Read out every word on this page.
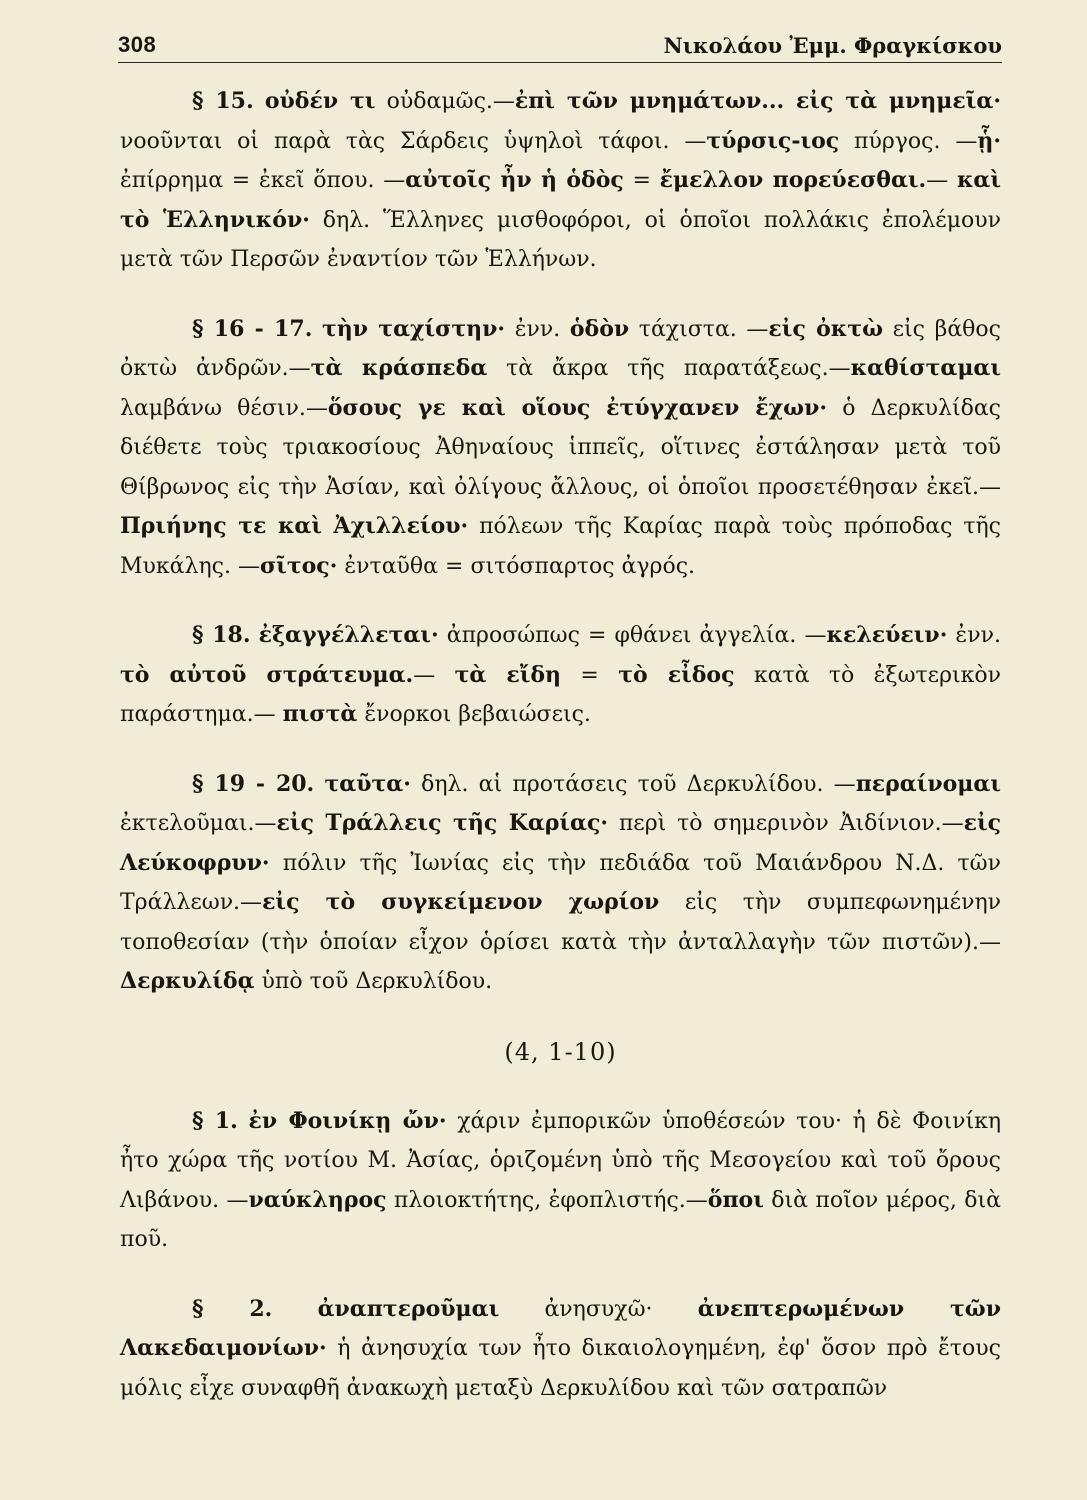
308	Νικολάου Ἐμμ. Φραγκίσκου

§ 15. οὐδέν τι οὐδαμῶς.—ἐπὶ τῶν μνημάτων... εἰς τὰ μνημεῖα· νοοῦνται οἱ παρὰ τὰς Σάρδεις ὑψηλοὶ τάφοι. —τύρσις-ιος πύργος. —ᾗ· ἐπίρρημα = ἐκεῖ ὅπου. —αὐτοῖς ἦν ἡ ὁδὸς = ἔμελλον πορεύεσθαι.— καὶ τὸ Ἑλληνικόν· δηλ. Ἕλληνες μισθοφόροι, οἱ ὁποῖοι πολλάκις ἐπολέμουν μετὰ τῶν Περσῶν ἐναντίον τῶν Ἑλλήνων.

§ 16 - 17. τὴν ταχίστην· ἐνν. ὁδὸν τάχιστα. —εἰς ὀκτὼ εἰς βάθος ὀκτὼ ἀνδρῶν.—τὰ κράσπεδα τὰ ἄκρα τῆς παρατάξεως.—καθίσταμαι λαμβάνω θέσιν.—ὅσους γε καὶ οἵους ἐτύγχανεν ἔχων· ὁ Δερκυλίδας διέθετε τοὺς τριακοσίους Ἀθηναίους ἱππεῖς, οἵτινες ἐστάλησαν μετὰ τοῦ Θίβρωνος εἰς τὴν Ἀσίαν, καὶ ὀλίγους ἄλλους, οἱ ὁποῖοι προσετέθησαν ἐκεῖ.—Πριήνης τε καὶ Ἀχιλλείου· πόλεων τῆς Καρίας παρὰ τοὺς πρόποδας τῆς Μυκάλης. —σῖτος· ἐνταῦθα = σιτόσπαρτος ἀγρός.

§ 18. ἐξαγγέλλεται· ἀπροσώπως = φθάνει ἀγγελία. —κελεύειν· ἐνν. τὸ αὐτοῦ στράτευμα.— τὰ εἴδη = τὸ εἶδος κατὰ τὸ ἐξωτερικὸν παράστημα.— πιστὰ ἔνορκοι βεβαιώσεις.

§ 19 - 20. ταῦτα· δηλ. αἱ προτάσεις τοῦ Δερκυλίδου. —περαίνομαι ἐκτελοῦμαι.—εἰς Τράλλεις τῆς Καρίας· περὶ τὸ σημερινὸν Ἀιδίνιον.—εἰς Λεύκοφρυν· πόλιν τῆς Ἰωνίας εἰς τὴν πεδιάδα τοῦ Μαιάνδρου Ν.Δ. τῶν Τράλλεων.—εἰς τὸ συγκείμενον χωρίον εἰς τὴν συμπεφωνημένην τοποθεσίαν (τὴν ὁποίαν εἶχον ὁρίσει κατὰ τὴν ἀνταλλαγὴν τῶν πιστῶν).—Δερκυλίδᾳ ὑπὸ τοῦ Δερκυλίδου.

(4, 1-10)

§ 1. ἐν Φοινίκῃ ὤν· χάριν ἐμπορικῶν ὑποθέσεών του· ἡ δὲ Φοινίκη ἦτο χώρα τῆς νοτίου Μ. Ἀσίας, ὁριζομένη ὑπὸ τῆς Μεσογείου καὶ τοῦ ὄρους Λιβάνου. —ναύκληρος πλοιοκτήτης, ἐφοπλιστής.—ὅποι διὰ ποῖον μέρος, διὰ ποῦ.

§ 2. ἀναπτεροῦμαι ἀνησυχῶ· ἀνεπτερωμένων τῶν Λακεδαιμονίων· ἡ ἀνησυχία των ἦτο δικαιολογημένη, ἐφ' ὅσον πρὸ ἔτους μόλις εἶχε συναφθῆ ἀνακωχὴ μεταξὺ Δερκυλίδου καὶ τῶν σατραπῶν
